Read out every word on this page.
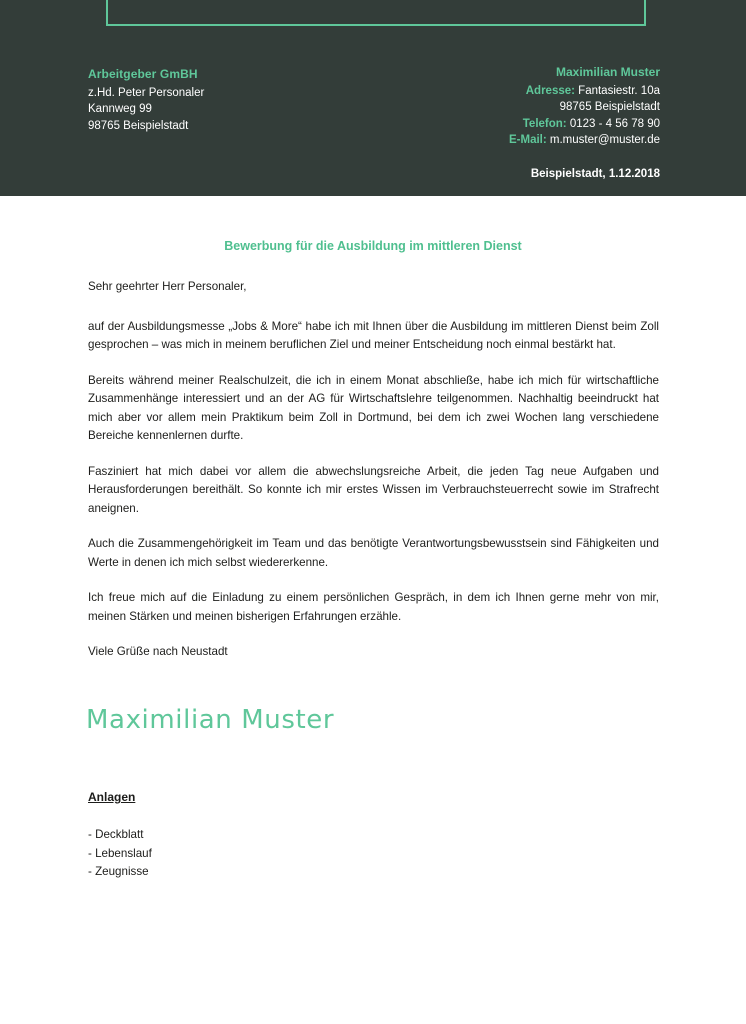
Arbeitgeber GmBH
z.Hd. Peter Personaler
Kannweg 99
98765 Beispielstadt
Maximilian Muster
Adresse: Fantasiestr. 10a
98765 Beispielstadt
Telefon: 0123 - 4 56 78 90
E-Mail: m.muster@muster.de
Beispielstadt, 1.12.2018
Bewerbung für die Ausbildung im mittleren Dienst

Sehr geehrter Herr Personaler,

auf der Ausbildungsmesse „Jobs & More“ habe ich mit Ihnen über die Ausbildung im mittleren Dienst beim Zoll gesprochen – was mich in meinem beruflichen Ziel und meiner Entscheidung noch einmal bestärkt hat.

Bereits während meiner Realschulzeit, die ich in einem Monat abschließe, habe ich mich für wirtschaftliche Zusammenhänge interessiert und an der AG für Wirtschaftslehre teilgenommen. Nachhaltig beeindruckt hat mich aber vor allem mein Praktikum beim Zoll in Dortmund, bei dem ich zwei Wochen lang verschiedene Bereiche kennenlernen durfte.

Fasziniert hat mich dabei vor allem die abwechslungsreiche Arbeit, die jeden Tag neue Aufgaben und Herausforderungen bereithält. So konnte ich mir erstes Wissen im Verbrauchsteuerrecht sowie im Strafrecht aneignen.

Auch die Zusammengehörigkeit im Team und das benötigte Verantwortungsbewusstsein sind Fähigkeiten und Werte in denen ich mich selbst wiedererkenne.

Ich freue mich auf die Einladung zu einem persönlichen Gespräch, in dem ich Ihnen gerne mehr von mir, meinen Stärken und meinen bisherigen Erfahrungen erzähle.

Viele Grüße nach Neustadt

Maximilian Muster
Anlagen
- Deckblatt
- Lebenslauf
- Zeugnisse
